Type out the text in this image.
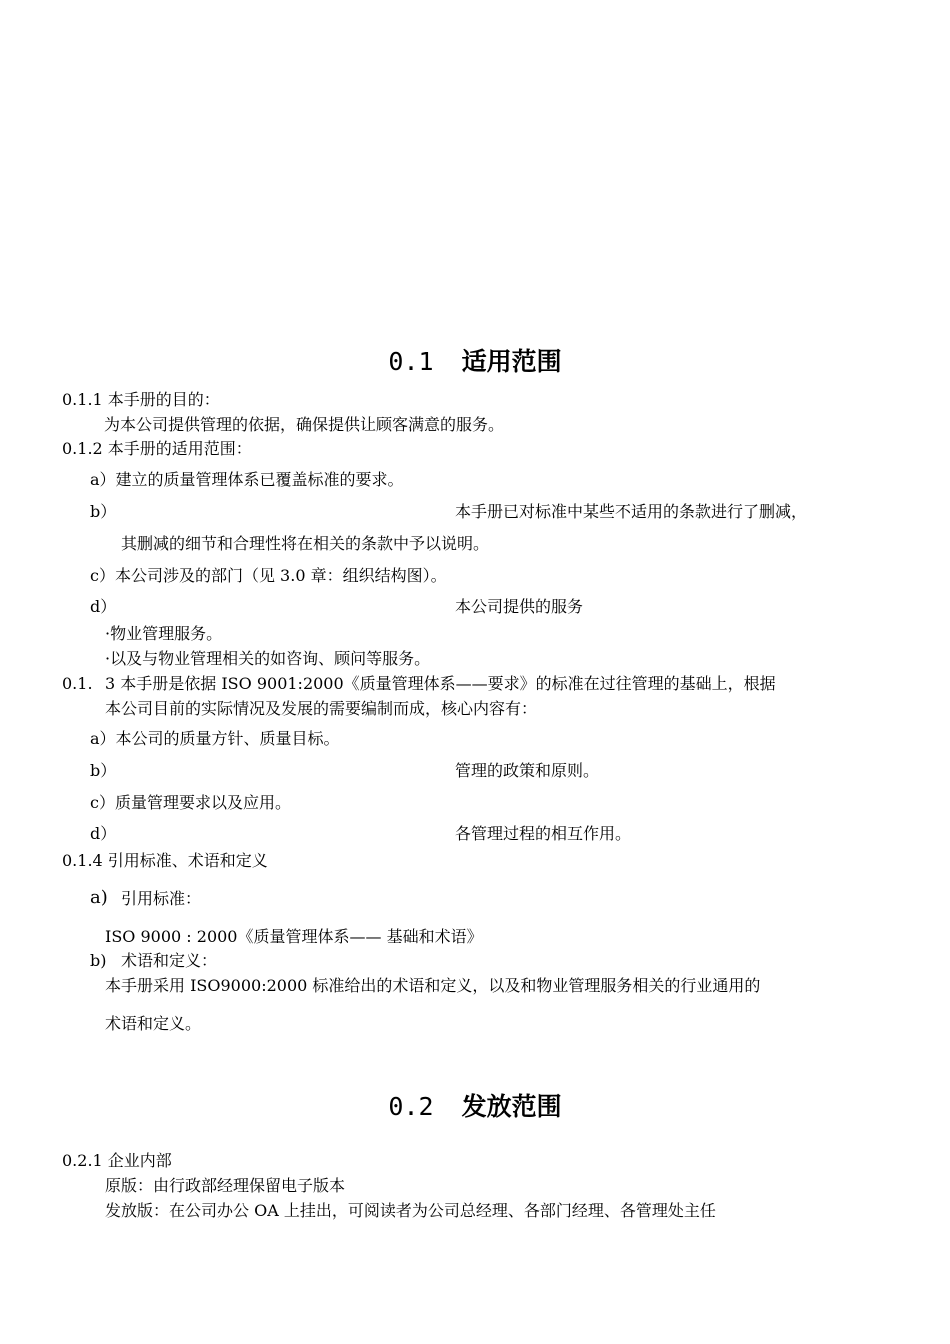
0.1 适用范围
0.1.1 本手册的目的：
为本公司提供管理的依据，确保提供让顾客满意的服务。
0.1.2 本手册的适用范围：
a）建立的质量管理体系已覆盖标准的要求。
b）	本手册已对标准中某些不适用的条款进行了删减，
其删减的细节和合理性将在相关的条款中予以说明。
c）本公司涉及的部门（见 3.0 章：组织结构图）。
d）	本公司提供的服务
·物业管理服务。
·以及与物业管理相关的如咨询、顾问等服务。
0.1. 3 本手册是依据 ISO 9001:2000《质量管理体系——要求》的标准在过往管理的基础上，根据
本公司目前的实际情况及发展的需要编制而成，核心内容有：
a）本公司的质量方针、质量目标。
b）	管理的政策和原则。
c）质量管理要求以及应用。
d）	各管理过程的相互作用。
0.1.4 引用标准、术语和定义
a) 引用标准：
ISO 9000 : 2000《质量管理体系—— 基础和术语》
b) 术语和定义：
本手册采用 ISO9000:2000 标准给出的术语和定义，以及和物业管理服务相关的行业通用的
术语和定义。
0.2 发放范围
0.2.1 企业内部
原版：由行政部经理保留电子版本
发放版：在公司办公 OA 上挂出，可阅读者为公司总经理、各部门经理、各管理处主任
